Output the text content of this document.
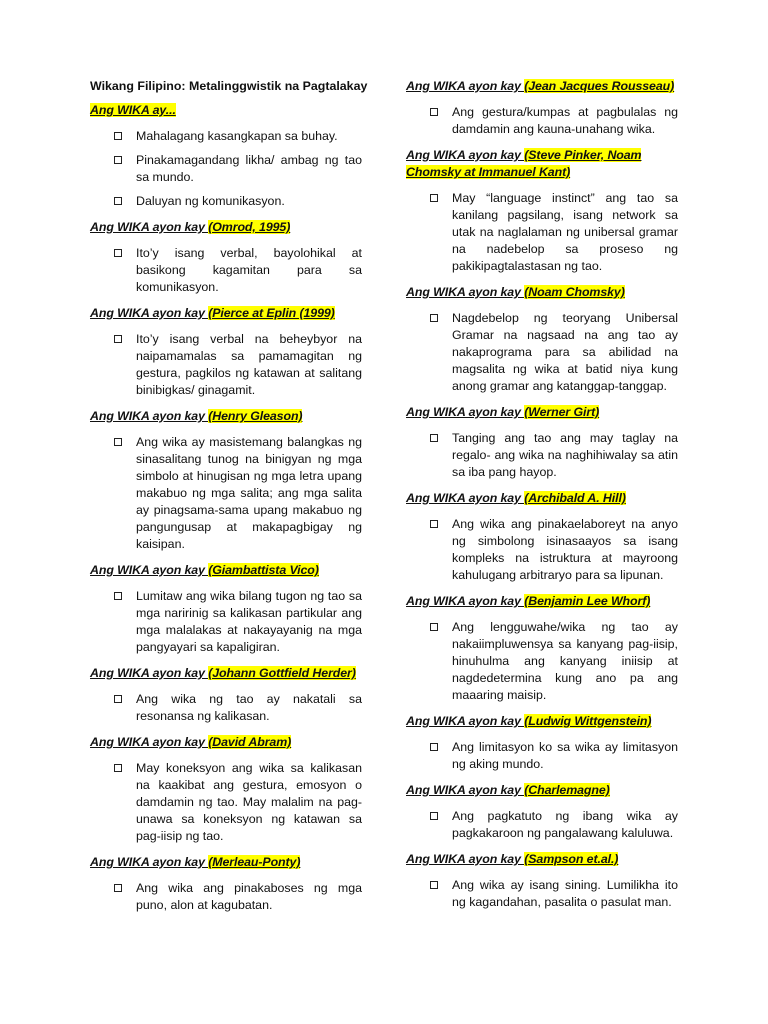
Wikang Filipino: Metalinggwistik na Pagtalakay
Ang WIKA ay...
Mahalagang kasangkapan sa buhay.
Pinakamagandang likha/ ambag ng tao sa mundo.
Daluyan ng komunikasyon.
Ang WIKA ayon kay (Omrod, 1995)
Ito’y isang verbal, bayolohikal at basikong kagamitan para sa komunikasyon.
Ang WIKA ayon kay (Pierce at Eplin (1999)
Ito’y isang verbal na beheybyor na naipamamalas sa pamamagitan ng gestura, pagkilos ng katawan at salitang binibigkas/ ginagamit.
Ang WIKA ayon kay (Henry Gleason)
Ang wika ay masistemang balangkas ng sinasalitang tunog na binigyan ng mga simbolo at hinugisan ng mga letra upang makabuo ng mga salita; ang mga salita ay pinagsama-sama upang makabuo ng pangungusap at makapagbigay ng kaisipan.
Ang WIKA ayon kay (Giambattista Vico)
Lumitaw ang wika bilang tugon ng tao sa mga naririnig sa kalikasan partikular ang mga malalakas at nakayayanig na mga pangyayari sa kapaligiran.
Ang WIKA ayon kay (Johann Gottfield Herder)
Ang wika ng tao ay nakatali sa resonansa ng kalikasan.
Ang WIKA ayon kay (David Abram)
May koneksyon ang wika sa kalikasan na kaakibat ang gestura, emosyon o damdamin ng tao. May malalim na pag-unawa sa koneksyon ng katawan sa pag-iisip ng tao.
Ang WIKA ayon kay (Merleau-Ponty)
Ang wika ang pinakaboses ng mga puno, alon at kagubatan.
Ang WIKA ayon kay (Jean Jacques Rousseau)
Ang gestura/kumpas at pagbulalas ng damdamin ang kauna-unahang wika.
Ang WIKA ayon kay (Steve Pinker, Noam Chomsky at Immanuel Kant)
May “language instinct” ang tao sa kanilang pagsilang, isang network sa utak na naglalaman ng unibersal gramar na nadebelop sa proseso ng pakikipagtalastasan ng tao.
Ang WIKA ayon kay (Noam Chomsky)
Nagdebelop ng teoryang Unibersal Gramar na nagsaad na ang tao ay nakaprograma para sa abilidad na magsalita ng wika at batid niya kung anong gramar ang katanggap-tanggap.
Ang WIKA ayon kay (Werner Girt)
Tanging ang tao ang may taglay na regalo- ang wika na naghihiwalay sa atin sa iba pang hayop.
Ang WIKA ayon kay (Archibald A. Hill)
Ang wika ang pinakaelaboreyt na anyo ng simbolong isinasaayos sa isang kompleks na istruktura at mayroong kahulugang arbitraryo para sa lipunan.
Ang WIKA ayon kay (Benjamin Lee Whorf)
Ang lengguwahe/wika ng tao ay nakaiimpluwensya sa kanyang pag-iisip, hinuhulma ang kanyang iniisip at nagdedetermina kung ano pa ang maaaring maisip.
Ang WIKA ayon kay (Ludwig Wittgenstein)
Ang limitasyon ko sa wika ay limitasyon ng aking mundo.
Ang WIKA ayon kay (Charlemagne)
Ang pagkatuto ng ibang wika ay pagkakaroon ng pangalawang kaluluwa.
Ang WIKA ayon kay (Sampson et.al.)
Ang wika ay isang sining. Lumilikha ito ng kagandahan, pasalita o pasulat man.
